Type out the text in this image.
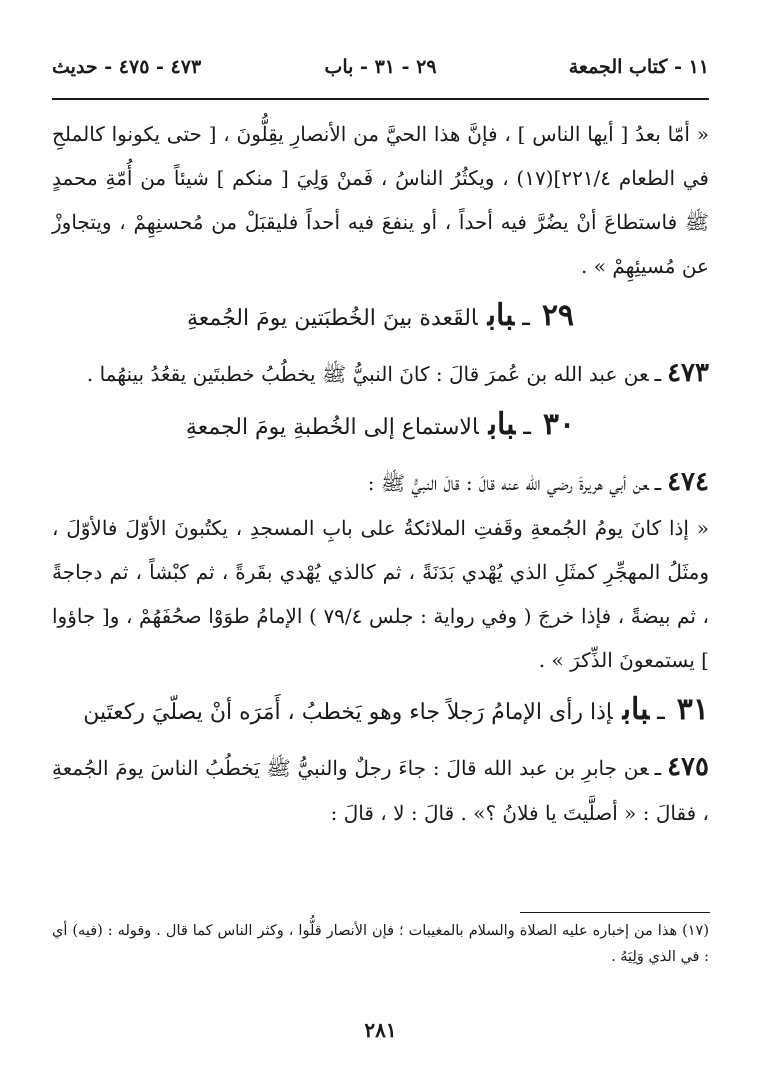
١١ - كتاب الجمعة
٢٩ - ٣١ - باب
٤٧٣ - ٤٧٥ - حديث

« أمّا بعدُ [ أيها الناس ] ، فإنَّ هذا الحيَّ من الأنصارِ يقِلُّونَ ، [ حتى يكونوا كالملحِ في الطعام ٢٢١/٤](١٧) ، ويكثُرُ الناسُ ، فَمنْ وَلِيَ [ منكم ] شيئاً من أُمّةِ محمدٍ ﷺ فاستطاعَ أنْ يضُرَّ فيه أحداً ، أو ينفعَ فيه أحداً فليقبَلْ من مُحسنِهِمْ ، ويتجاوزْ عن مُسيئِهِمْ » .

٢٩ـبابالقَعدة بينَ الخُطبَتين يومَ الجُمعةِ

٤٧٣ـعن عبد الله بن عُمرَ قالَ : كانَ النبيُّ ﷺ يخطُبُ خطبتَين يقعُدُ بينهُما .

٣٠ـبابالاستماع إلى الخُطبةِ يومَ الجمعةِ

٤٧٤ـعن أبي هريرةَ رضي الله عنه قالَ : قالَ النبيُّ ﷺ :

« إذا كانَ يومُ الجُمعةِ وقَفتِ الملائكةُ على بابِ المسجدِ ، يكتُبونَ الأوّلَ فالأوّلَ ، ومثَلُ المهجِّرِ كمثَلِ الذي يُهْدي بَدَنَةً ، ثم كالذي يُهْدي بقَرةً ، ثم كبْشاً ، ثم دجاجةً ، ثم بيضةً ، فإذا خرجَ ( وفي رواية : جلس ٧٩/٤ ) الإمامُ طوَوْا صحُفَهُمْ ، و[ جاؤوا ] يستمعونَ الذِّكرَ » .

٣١ـبابإذا رأى الإمامُ رَجلاً جاء وهو يَخطبُ ، أَمَرَه أنْ يصلّيَ ركعتَين

٤٧٥ـعن جابرِ بن عبد الله قالَ : جاءَ رجلٌ والنبيُّ ﷺ يَخطُبُ الناسَ يومَ الجُمعةِ ، فقالَ : « أصلَّيتَ يا فلانُ ؟» . قالَ : لا ، قالَ :

(١٧) هذا من إخباره عليه الصلاة والسلام بالمغيبات ؛ فإن الأنصار قلُّوا ، وكثر الناس كما قال . وقوله : (فيه) أي : في الذي وَلِيَهُ .
٢٨١
